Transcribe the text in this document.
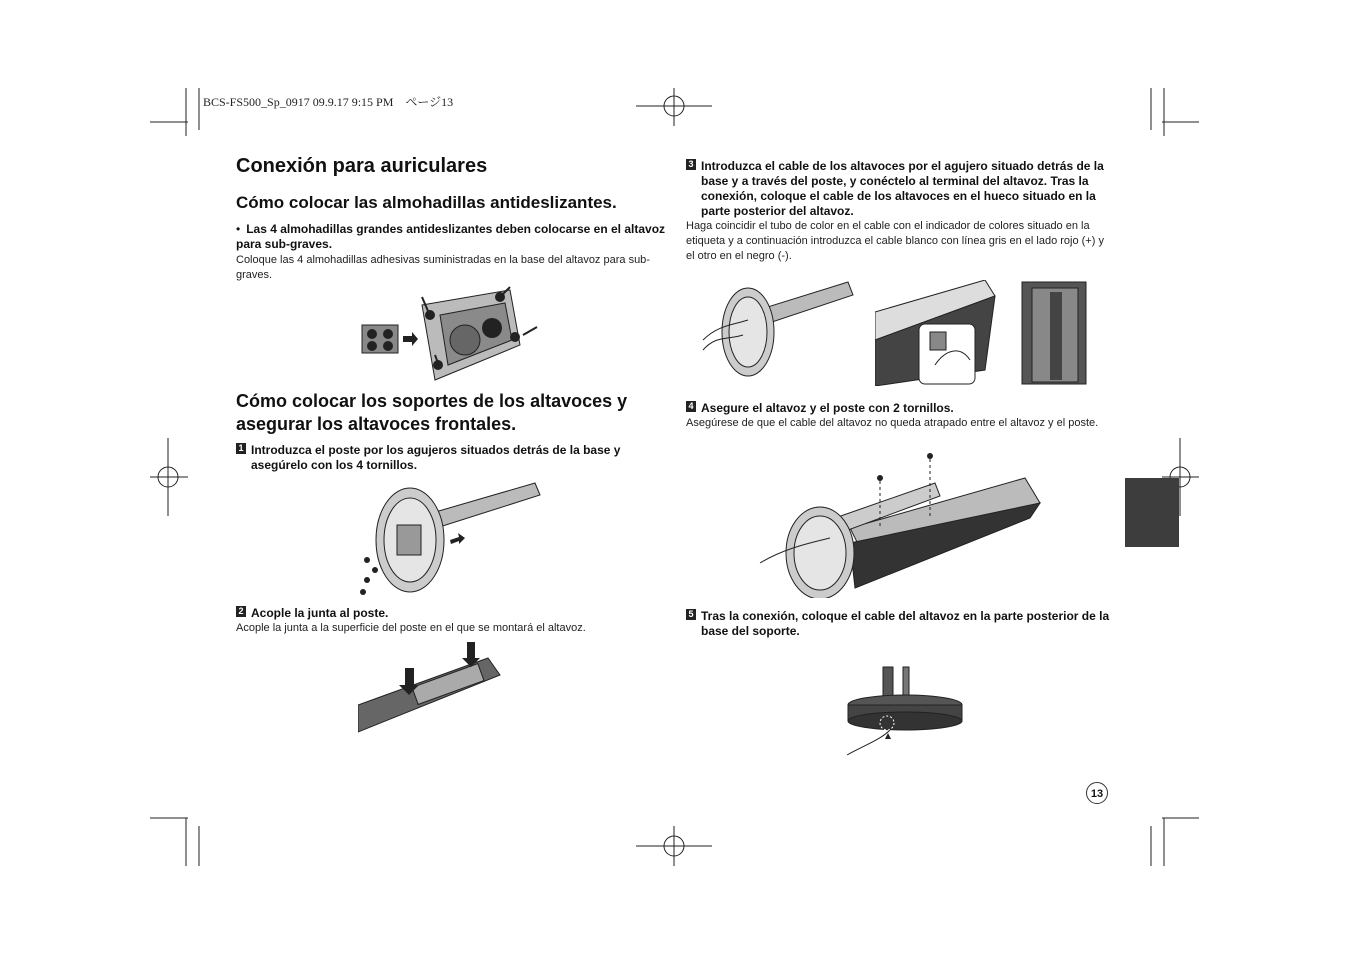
BCS-FS500_Sp_0917 09.9.17 9:15 PM ページ13
Conexión para auriculares
Cómo colocar las almohadillas antideslizantes.
• Las 4 almohadillas grandes antideslizantes deben colocarse en el altavoz para sub-graves.
Coloque las 4 almohadillas adhesivas suministradas en la base del altavoz para sub-graves.
Cómo colocar los soportes de los altavoces y asegurar los altavoces frontales.
1 Introduzca el poste por los agujeros situados detrás de la base y asegúrelo con los 4 tornillos.
2 Acople la junta al poste.
Acople la junta a la superficie del poste en el que se montará el altavoz.
3 Introduzca el cable de los altavoces por el agujero situado detrás de la base y a través del poste, y conéctelo al terminal del altavoz. Tras la conexión, coloque el cable de los altavoces en el hueco situado en la parte posterior del altavoz.
Haga coincidir el tubo de color en el cable con el indicador de colores situado en la etiqueta y a continuación introduzca el cable blanco con línea gris en el lado rojo (+) y el otro en el negro (-).
4 Asegure el altavoz y el poste con 2 tornillos.
Asegúrese de que el cable del altavoz no queda atrapado entre el altavoz y el poste.
5 Tras la conexión, coloque el cable del altavoz en la parte posterior de la base del soporte.
13
